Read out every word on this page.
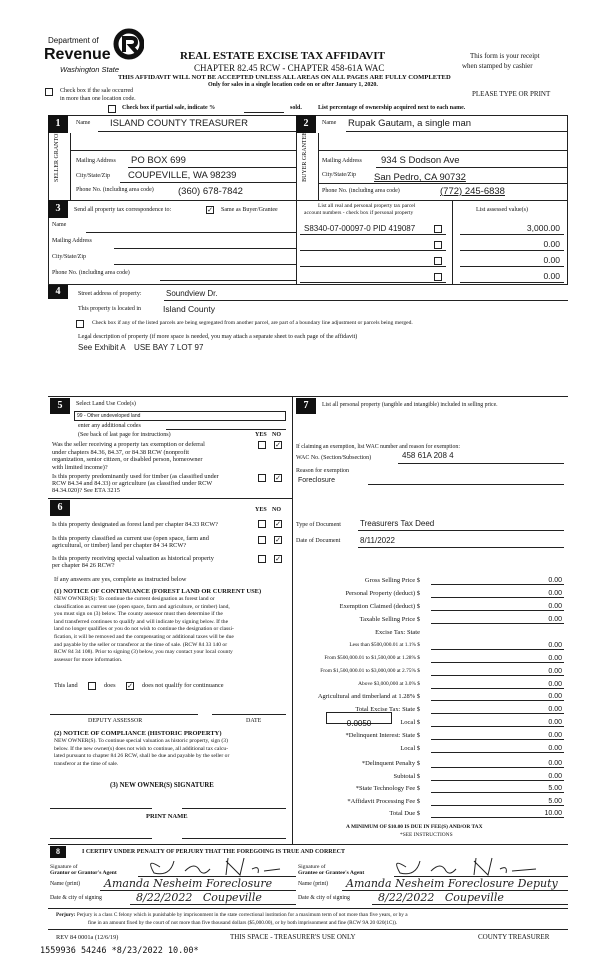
Department of
Revenue
Washington State
REAL ESTATE EXCISE TAX AFFIDAVIT
CHAPTER 82.45 RCW - CHAPTER 458-61A WAC
This form is your receipt
when stamped by cashier
THIS AFFIDAVIT WILL NOT BE ACCEPTED UNLESS ALL AREAS ON ALL PAGES ARE FULLY COMPLETED
Only for sales in a single location code on or after January 1, 2020.
Check box if the sale occurred
in more than one location code.
PLEASE TYPE OR PRINT
Check box if partial sale, indicate %	sold.	List percentage of ownership acquired next to each name.
1
SELLER GRANTOR
Name ISLAND COUNTY TREASURER
Mailing Address PO BOX 699
City/State/Zip COUPEVILLE, WA 98239
Phone No. (including area code)	(360) 678-7842
2
BUYER GRANTEE
Name Rupak Gautam, a single man
Mailing Address 934 S Dodson Ave
City/State/Zip San Pedro, CA 90732
Phone No. (including area code)	(772) 245-6838
3	Send all property tax correspondence to:	✓ Same as Buyer/Grantee
Name
Mailing Address
City/State/Zip
Phone No. (including area code)
List all real and personal property tax parcel
account numbers - check box if personal property	List assessed value(s)
S8340-07-00097-0 PID 419087	3,000.00
0.00
0.00
0.00
4	Street address of property:	Soundview Dr.
This property is located in	Island County
Check box if any of the listed parcels are being segregated from another parcel, are part of a boundary line adjustment or parcels being merged.
Legal description of property (if more space is needed, you may attach a separate sheet to each page of the affidavit)
See Exhibit A    USE BAY 7 LOT 97
5	Select Land Use Code(s)
99 - Other undeveloped land
enter any additional codes
(See back of last page for instructions)	YES NO
Was the seller receiving a property tax exemption or deferral
under chapters 84.36, 84.37, or 84.38 RCW (nonprofit
organization, senior citizen, or disabled person, homeowner
with limited income)?
✓
Is this property predominantly used for timber (as classified under
RCW 84.34 and 84.33) or agriculture (as classified under RCW
84.34.020)? See ETA 3215
✓
6	YES NO
Is this property designated as forest land per chapter 84.33 RCW?	✓
Is this property classified as current use (open space, farm and
agricultural, or timber) land per chapter 84 34 RCW?
✓
Is this property receiving special valuation as historical property
per chapter 84 26 RCW?
✓
If any answers are yes, complete as instructed below
(1) NOTICE OF CONTINUANCE (FOREST LAND OR CURRENT USE)
NEW OWNER(S): To continue the current designation as forest land or
classification as current use (open space, farm and agriculture, or timber) land,
you must sign on (3) below. The county assessor must then determine if the
land transferred continues to qualify and will indicate by signing below. If the
land no longer qualifies or you do not wish to continue the designation or classi-
fication, it will be removed and the compensating or additional taxes will be due
and payable by the seller or transferor at the time of sale. (RCW 84 33 140 or
RCW 84 34 108). Prior to signing (3) below, you may contact your local county
assessor for more information.
This land	does ✓ does not qualify for continuance
DEPUTY ASSESSOR	DATE
(2) NOTICE OF COMPLIANCE (HISTORIC PROPERTY)
NEW OWNER(S). To continue special valuation as historic property, sign (3)
below. If the new owner(s) does not wish to continue, all additional tax calcu-
lated pursuant to chapter 84 26 RCW, shall be due and payable by the seller or
transferor at the time of sale.
(3) NEW OWNER(S) SIGNATURE
PRINT NAME
7	List all personal property (tangible and intangible) included in selling price.
If claiming an exemption, list WAC number and reason for exemption:
WAC No. (Section/Subsection)	458 61A 208 4
Reason for exemption
Foreclosure
Type of Document Treasurers Tax Deed
Date of Document 8/11/2022
Gross Selling Price $	0.00
Personal Property (deduct) $	0.00
Exemption Claimed (deduct) $	0.00
Taxable Selling Price $	0.00
Excise Tax: State
Less than $500,000.01 at 1.1% $	0.00
From $500,000.01 to $1,500,000 at 1.28% $	0.00
From $1,500,000.01 to $3,000,000 at 2.75% $	0.00
Above $3,000,000 at 3.0% $	0.00
Agricultural and timberland at 1.28% $	0.00
Total Excise Tax: State $	0.00
Local $	0.00
*Delinquent Interest: State $	0.00
Local $	0.00
*Delinquent Penalty $	0.00
Subtotal $	0.00
*State Technology Fee $	5.00
*Affidavit Processing Fee $	5.00
Total Due $	10.00
0.0050
A MINIMUM OF $10.00 IS DUE IN FEE(S) AND/OR TAX
*SEE INSTRUCTIONS
8	I CERTIFY UNDER PENALTY OF PERJURY THAT THE FOREGOING IS TRUE AND CORRECT
Signature of
Grantor or Grantor's Agent
Name (print) Amanda Nesheim Foreclosure
Date & city of signing	8/22/2022   Coupeville
Signature of
Grantee or Grantee's Agent
Name (print) Amanda Nesheim Foreclosure Deputy
Date & city of signing	8/22/2022   Coupeville
Perjury: Perjury is a class C felony which is punishable by imprisonment in the state correctional institution for a maximum term of not more than five years, or by a
fine in an amount fixed by the court of not more than five thousand dollars ($5,000.00), or by both imprisonment and fine (RCW 9A 20 020(1C)).
REV 84 0001a (12/6/19)	THIS SPACE - TREASURER'S USE ONLY	COUNTY TREASURER
1559936 54246 *8/23/2022 10.00*
